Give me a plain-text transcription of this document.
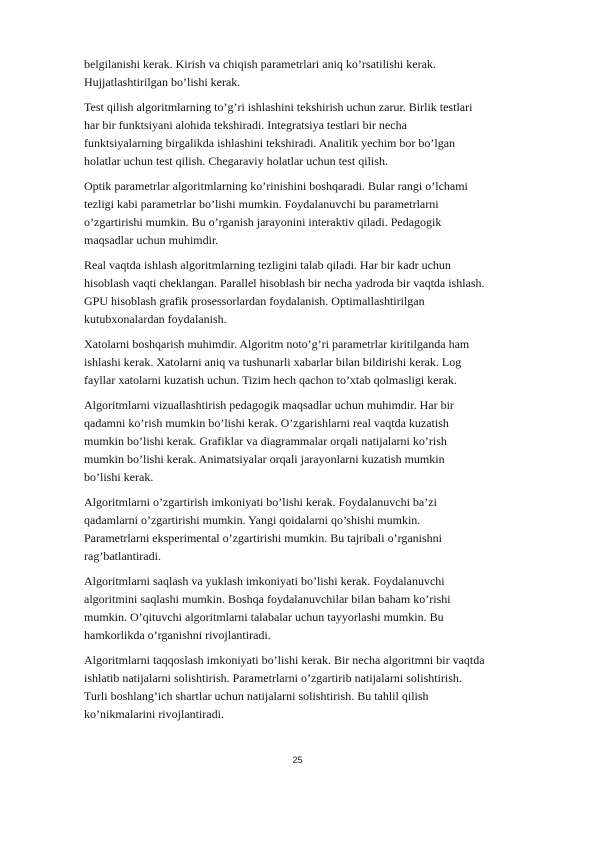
belgilanishi kerak. Kirish va chiqish parametrlari aniq ko’rsatilishi kerak.
Hujjatlashtirilgan bo’lishi kerak.

Test qilish algoritmlarning to’g’ri ishlashini tekshirish uchun zarur. Birlik testlari
har bir funktsiyani alohida tekshiradi. Integratsiya testlari bir necha
funktsiyalarning birgalikda ishlashini tekshiradi. Analitik yechim bor bo’lgan
holatlar uchun test qilish. Chegaraviy holatlar uchun test qilish.

Optik parametrlar algoritmlarning ko’rinishini boshqaradi. Bular rangi o’lchami
tezligi kabi parametrlar bo’lishi mumkin. Foydalanuvchi bu parametrlarni
o’zgartirishi mumkin. Bu o’rganish jarayonini interaktiv qiladi. Pedagogik
maqsadlar uchun muhimdir.

Real vaqtda ishlash algoritmlarning tezligini talab qiladi. Har bir kadr uchun
hisoblash vaqti cheklangan. Parallel hisoblash bir necha yadroda bir vaqtda ishlash.
GPU hisoblash grafik prosessorlardan foydalanish. Optimallashtirilgan
kutubxonalardan foydalanish.

Xatolarni boshqarish muhimdir. Algoritm noto’g’ri parametrlar kiritilganda ham
ishlashi kerak. Xatolarni aniq va tushunarli xabarlar bilan bildirishi kerak. Log
fayllar xatolarni kuzatish uchun. Tizim hech qachon to’xtab qolmasligi kerak.

Algoritmlarni vizuallashtirish pedagogik maqsadlar uchun muhimdir. Har bir
qadamni ko’rish mumkin bo’lishi kerak. O’zgarishlarni real vaqtda kuzatish
mumkin bo’lishi kerak. Grafiklar va diagrammalar orqali natijalarni ko’rish
mumkin bo’lishi kerak. Animatsiyalar orqali jarayonlarni kuzatish mumkin
bo’lishi kerak.

Algoritmlarni o’zgartirish imkoniyati bo’lishi kerak. Foydalanuvchi ba’zi
qadamlarni o’zgartirishi mumkin. Yangi qoidalarni qo’shishi mumkin.
Parametrlarni eksperimental o’zgartirishi mumkin. Bu tajribali o’rganishni
rag’batlantiradi.

Algoritmlarni saqlash va yuklash imkoniyati bo’lishi kerak. Foydalanuvchi
algoritmini saqlashi mumkin. Boshqa foydalanuvchilar bilan baham ko’rishi
mumkin. O’qituvchi algoritmlarni talabalar uchun tayyorlashi mumkin. Bu
hamkorlikda o’rganishni rivojlantiradi.

Algoritmlarni taqqoslash imkoniyati bo’lishi kerak. Bir necha algoritmni bir vaqtda
ishlatib natijalarni solishtirish. Parametrlarni o’zgartirib natijalarni solishtirish.
Turli boshlang’ich shartlar uchun natijalarni solishtirish. Bu tahlil qilish
ko’nikmalarini rivojlantiradi.

25
